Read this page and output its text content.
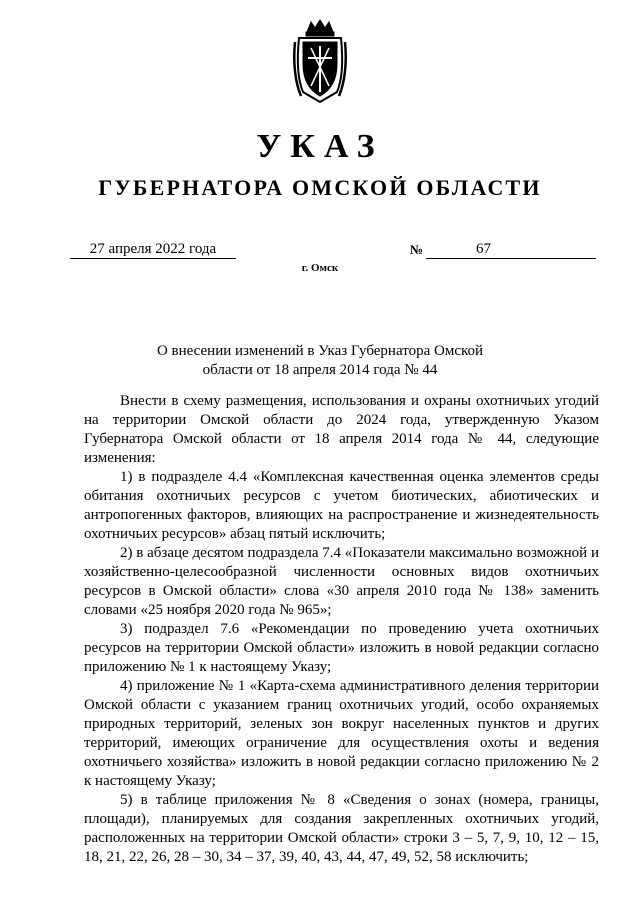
УКАЗ
ГУБЕРНАТОРА ОМСКОЙ ОБЛАСТИ
27 апреля 2022 года	№	67
г. Омск
О внесении изменений в Указ Губернатора Омской
области от 18 апреля 2014 года № 44

Внести в схему размещения, использования и охраны охотничьих угодий на территории Омской области до 2024 года, утвержденную Указом Губернатора Омской области от 18 апреля 2014 года № 44, следующие изменения:

1) в подразделе 4.4 «Комплексная качественная оценка элементов среды обитания охотничьих ресурсов с учетом биотических, абиотических и антропогенных факторов, влияющих на распространение и жизнедеятельность охотничьих ресурсов» абзац пятый исключить;

2) в абзаце десятом подраздела 7.4 «Показатели максимально возможной и хозяйственно-целесообразной численности основных видов охотничьих ресурсов в Омской области» слова «30 апреля 2010 года № 138» заменить словами «25 ноября 2020 года № 965»;

3) подраздел 7.6 «Рекомендации по проведению учета охотничьих ресурсов на территории Омской области» изложить в новой редакции согласно приложению № 1 к настоящему Указу;

4) приложение № 1 «Карта-схема административного деления территории Омской области с указанием границ охотничьих угодий, особо охраняемых природных территорий, зеленых зон вокруг населенных пунктов и других территорий, имеющих ограничение для осуществления охоты и ведения охотничьего хозяйства» изложить в новой редакции согласно приложению № 2 к настоящему Указу;

5) в таблице приложения № 8 «Сведения о зонах (номера, границы, площади), планируемых для создания закрепленных охотничьих угодий, расположенных на территории Омской области» строки 3 – 5, 7, 9, 10, 12 – 15, 18, 21, 22, 26, 28 – 30, 34 – 37, 39, 40, 43, 44, 47, 49, 52, 58 исключить;
